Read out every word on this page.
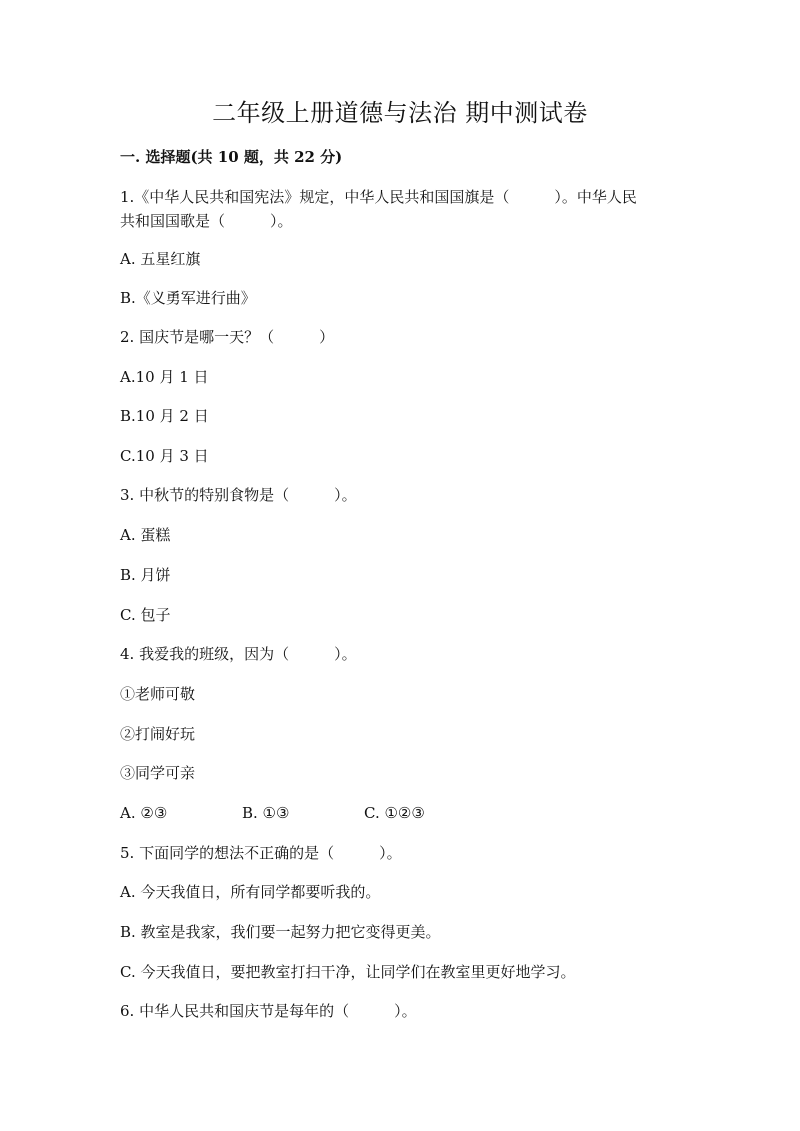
二年级上册道德与法治 期中测试卷
一. 选择题(共 10 题，共 22 分)
1.《中华人民共和国宪法》规定，中华人民共和国国旗是（　　　）。中华人民
共和国国歌是（　　　）。
A. 五星红旗
B.《义勇军进行曲》
2. 国庆节是哪一天？（　　　）
A.10 月 1 日
B.10 月 2 日
C.10 月 3 日
3. 中秋节的特别食物是（　　　）。
A. 蛋糕
B. 月饼
C. 包子
4. 我爱我的班级，因为（　　　）。
①老师可敬
②打闹好玩
③同学可亲
A. ②③	B. ①③	C. ①②③
5. 下面同学的想法不正确的是（　　　）。
A. 今天我值日，所有同学都要听我的。
B. 教室是我家，我们要一起努力把它变得更美。
C. 今天我值日，要把教室打扫干净，让同学们在教室里更好地学习。
6. 中华人民共和国庆节是每年的（　　　）。
